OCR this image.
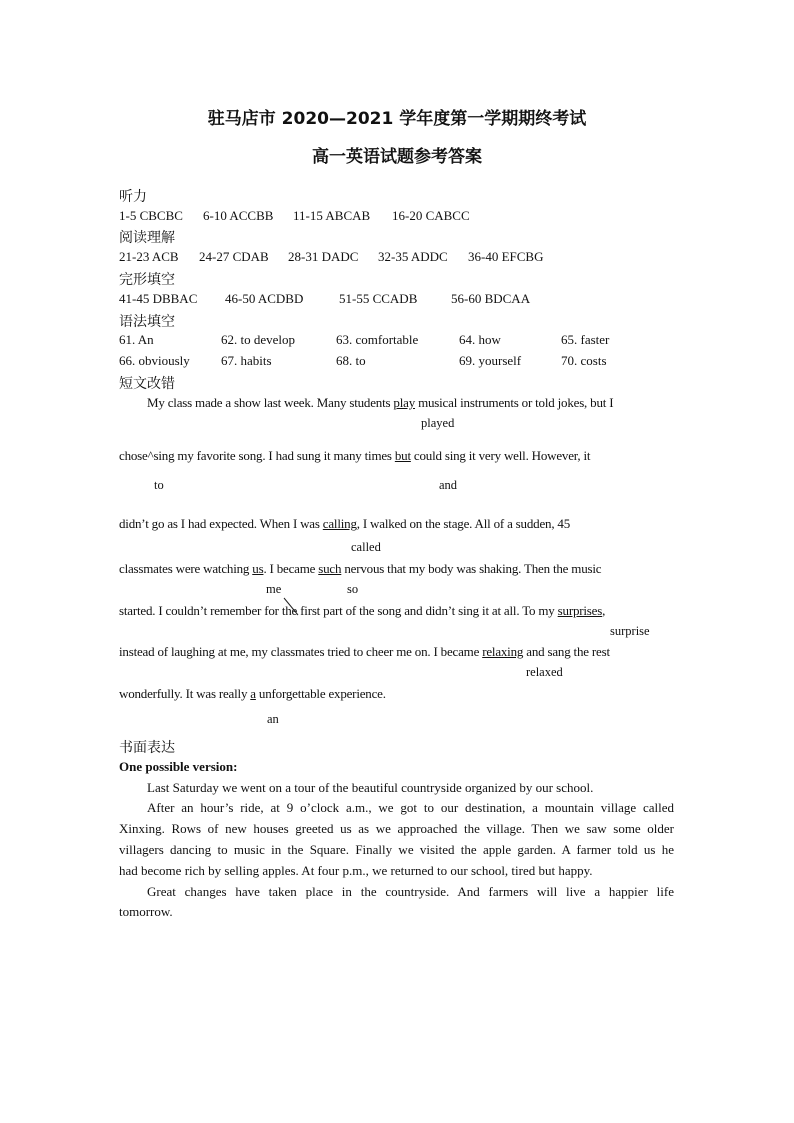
驻马店市 2020—2021 学年度第一学期期终考试
高一英语试题参考答案
听力
1-5 CBCBC 6-10 ACCBB 11-15 ABCAB 16-20 CABCC
阅读理解
21-23 ACB 24-27 CDAB 28-31 DADC 32-35 ADDC 36-40 EFCBG
完形填空
41-45 DBBAC 46-50 ACDBD	51-55 CCADB	56-60 BDCAA
语法填空
61. An	62. to develop	63. comfortable	64. how	65. faster
66. obviously 67. habits	68. to	69. yourself	70. costs
短文改错
My class made a show last week. Many students play musical instruments or told jokes, but I
played
chose^sing my favorite song. I had sung it many times but could sing it very well. However, it
to	and
didn’t go as I had expected. When I was calling, I walked on the stage. All of a sudden, 45
called
classmates were watching us. I became such nervous that my body was shaking. Then the music
me	so
started. I couldn’t remember for the first part of the song and didn’t sing it at all. To my surprises,
surprise
instead of laughing at me, my classmates tried to cheer me on. I became relaxing and sang the rest
relaxed
wonderfully. It was really a unforgettable experience.
an
书面表达
One possible version:
Last Saturday we went on a tour of the beautiful countryside organized by our school.
After an hour’s ride, at 9 o’clock a.m., we got to our destination, a mountain village called
Xinxing. Rows of new houses greeted us as we approached the village. Then we saw some older
villagers dancing to music in the Square. Finally we visited the apple garden. A farmer told us he
had become rich by selling apples. At four p.m., we returned to our school, tired but happy.
Great changes have taken place in the countryside. And farmers will live a happier life
tomorrow.
